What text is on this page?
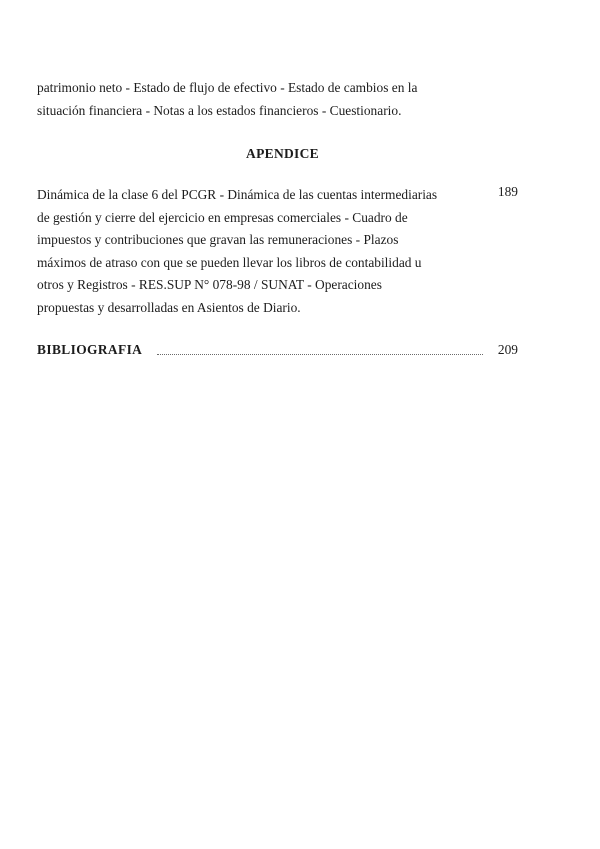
patrimonio neto - Estado de flujo de efectivo - Estado de cambios en la
situación financiera - Notas a los estados financieros - Cuestionario.
APENDICE
Dinámica de la clase 6 del PCGR - Dinámica de las cuentas intermediarias
de gestión y cierre del ejercicio en empresas comerciales - Cuadro de
impuestos y contribuciones que gravan las remuneraciones - Plazos
máximos de atraso con que se pueden llevar los libros de contabilidad u
otros y Registros - RES.SUP N° 078-98 / SUNAT - Operaciones
propuestas y desarrolladas en Asientos de Diario.
189
BIBLIOGRAFIA	209
